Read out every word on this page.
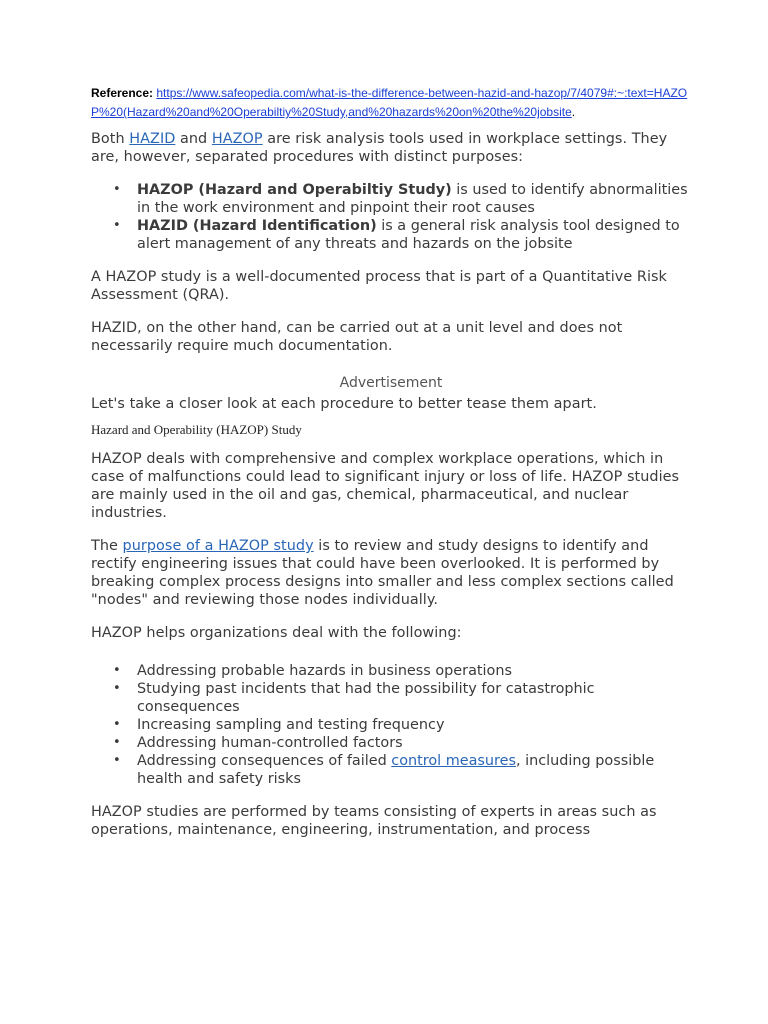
Reference: https://www.safeopedia.com/what-is-the-difference-between-hazid-and-hazop/7/4079#:~:text=HAZOP%20(Hazard%20and%20Operabiltiy%20Study,and%20hazards%20on%20the%20jobsite.

Both HAZID and HAZOP are risk analysis tools used in workplace settings. They are, however, separated procedures with distinct purposes:

• HAZOP (Hazard and Operabiltiy Study) is used to identify abnormalities in the work environment and pinpoint their root causes
• HAZID (Hazard Identification) is a general risk analysis tool designed to alert management of any threats and hazards on the jobsite

A HAZOP study is a well-documented process that is part of a Quantitative Risk Assessment (QRA).

HAZID, on the other hand, can be carried out at a unit level and does not necessarily require much documentation.

Advertisement

Let's take a closer look at each procedure to better tease them apart.

Hazard and Operability (HAZOP) Study

HAZOP deals with comprehensive and complex workplace operations, which in case of malfunctions could lead to significant injury or loss of life. HAZOP studies are mainly used in the oil and gas, chemical, pharmaceutical, and nuclear industries.

The purpose of a HAZOP study is to review and study designs to identify and rectify engineering issues that could have been overlooked. It is performed by breaking complex process designs into smaller and less complex sections called "nodes" and reviewing those nodes individually.

HAZOP helps organizations deal with the following:

• Addressing probable hazards in business operations
• Studying past incidents that had the possibility for catastrophic consequences
• Increasing sampling and testing frequency
• Addressing human-controlled factors
• Addressing consequences of failed control measures, including possible health and safety risks

HAZOP studies are performed by teams consisting of experts in areas such as operations, maintenance, engineering, instrumentation, and process
